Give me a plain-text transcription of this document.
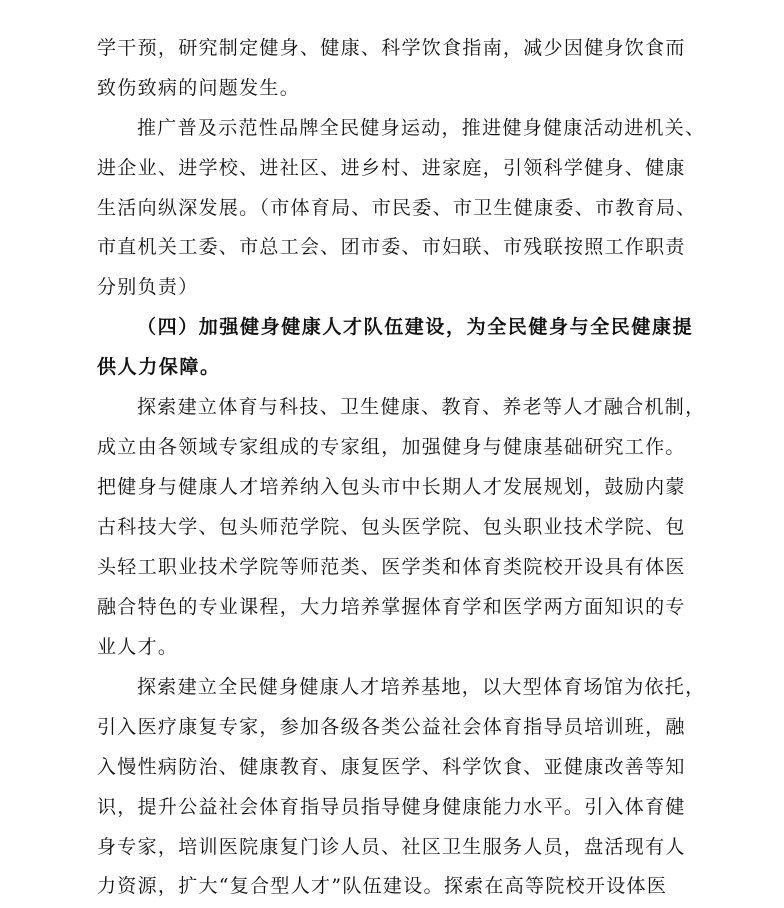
学干预，研究制定健身、健康、科学饮食指南，减少因健身饮食而
致伤致病的问题发生。
推广普及示范性品牌全民健身运动，推进健身健康活动进机关、
进企业、进学校、进社区、进乡村、进家庭，引领科学健身、健康
生活向纵深发展。（市体育局、市民委、市卫生健康委、市教育局、
市直机关工委、市总工会、团市委、市妇联、市残联按照工作职责
分别负责）
（四）加强健身健康人才队伍建设，为全民健身与全民健康提
供人力保障。
探索建立体育与科技、卫生健康、教育、养老等人才融合机制，
成立由各领域专家组成的专家组，加强健身与健康基础研究工作。
把健身与健康人才培养纳入包头市中长期人才发展规划，鼓励内蒙
古科技大学、包头师范学院、包头医学院、包头职业技术学院、包
头轻工职业技术学院等师范类、医学类和体育类院校开设具有体医
融合特色的专业课程，大力培养掌握体育学和医学两方面知识的专
业人才。
探索建立全民健身健康人才培养基地，以大型体育场馆为依托，
引入医疗康复专家，参加各级各类公益社会体育指导员培训班，融
入慢性病防治、健康教育、康复医学、科学饮食、亚健康改善等知
识，提升公益社会体育指导员指导健身健康能力水平。引入体育健
身专家，培训医院康复门诊人员、社区卫生服务人员，盘活现有人
力资源，扩大“复合型人才”队伍建设。探索在高等院校开设体医
